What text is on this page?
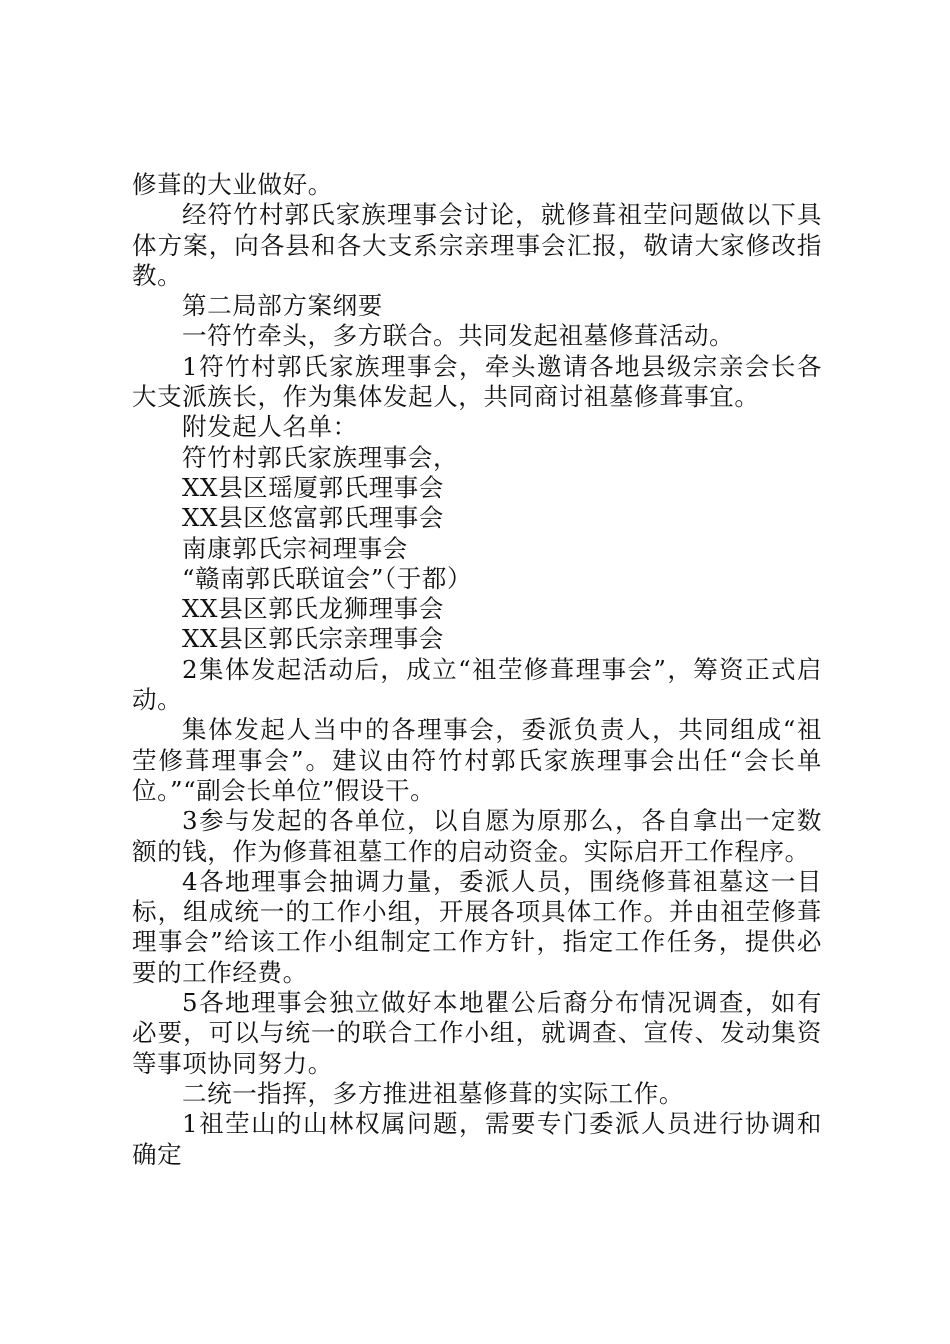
修葺的大业做好。

经符竹村郭氏家族理事会讨论，就修葺祖茔问题做以下具体方案，向各县和各大支系宗亲理事会汇报，敬请大家修改指教。

第二局部方案纲要

一符竹牵头，多方联合。共同发起祖墓修葺活动。

1符竹村郭氏家族理事会，牵头邀请各地县级宗亲会长各大支派族长，作为集体发起人，共同商讨祖墓修葺事宜。

附发起人名单：

符竹村郭氏家族理事会，

XX县区瑶厦郭氏理事会

XX县区悠富郭氏理事会

南康郭氏宗祠理事会

“赣南郭氏联谊会”（于都）

XX县区郭氏龙狮理事会

XX县区郭氏宗亲理事会

2集体发起活动后，成立“祖茔修葺理事会”，筹资正式启动。

集体发起人当中的各理事会，委派负责人，共同组成“祖茔修葺理事会”。建议由符竹村郭氏家族理事会出任“会长单位。”“副会长单位”假设干。

3参与发起的各单位，以自愿为原那么，各自拿出一定数额的钱，作为修葺祖墓工作的启动资金。实际启开工作程序。

4各地理事会抽调力量，委派人员，围绕修葺祖墓这一目标，组成统一的工作小组，开展各项具体工作。并由祖茔修葺理事会”给该工作小组制定工作方针，指定工作任务，提供必要的工作经费。

5各地理事会独立做好本地瞿公后裔分布情况调查，如有必要，可以与统一的联合工作小组，就调查、宣传、发动集资等事项协同努力。

二统一指挥，多方推进祖墓修葺的实际工作。

1祖茔山的山林权属问题，需要专门委派人员进行协调和确定
